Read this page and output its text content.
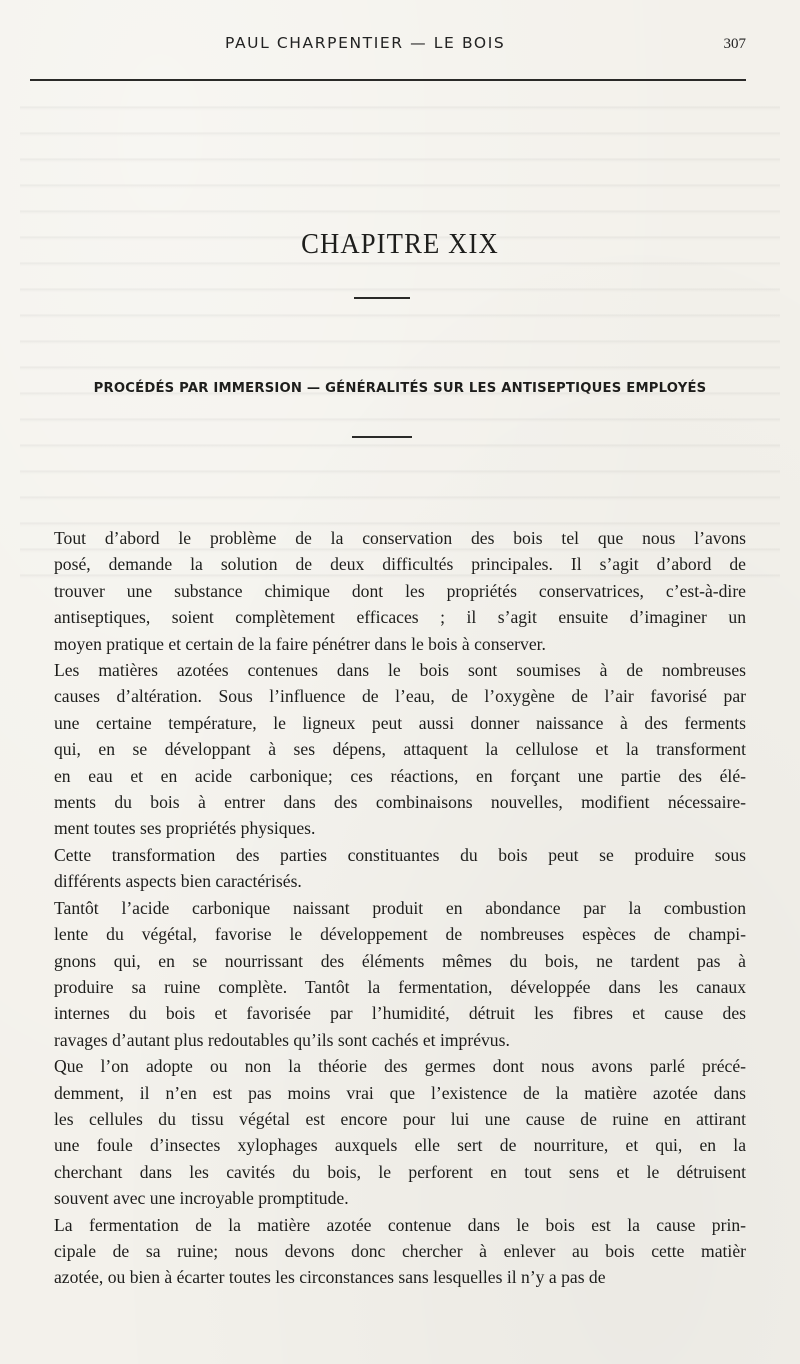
PAUL CHARPENTIER — LE BOIS	307
CHAPITRE XIX
PROCÉDÉS PAR IMMERSION — GÉNÉRALITÉS SUR LES ANTISEPTIQUES EMPLOYÉS
Tout d’abord le problème de la conservation des bois tel que nous l’avons
posé, demande la solution de deux difficultés principales. Il s’agit d’abord de
trouver une substance chimique dont les propriétés conservatrices, c’est-à-dire
antiseptiques, soient complètement efficaces ; il s’agit ensuite d’imaginer un
moyen pratique et certain de la faire pénétrer dans le bois à conserver.
Les matières azotées contenues dans le bois sont soumises à de nombreuses
causes d’altération. Sous l’influence de l’eau, de l’oxygène de l’air favorisé par
une certaine température, le ligneux peut aussi donner naissance à des ferments
qui, en se développant à ses dépens, attaquent la cellulose et la transforment
en eau et en acide carbonique; ces réactions, en forçant une partie des élé-
ments du bois à entrer dans des combinaisons nouvelles, modifient nécessaire-
ment toutes ses propriétés physiques.
Cette transformation des parties constituantes du bois peut se produire sous
différents aspects bien caractérisés.
Tantôt l’acide carbonique naissant produit en abondance par la combustion
lente du végétal, favorise le développement de nombreuses espèces de champi-
gnons qui, en se nourrissant des éléments mêmes du bois, ne tardent pas à
produire sa ruine complète. Tantôt la fermentation, développée dans les canaux
internes du bois et favorisée par l’humidité, détruit les fibres et cause des
ravages d’autant plus redoutables qu’ils sont cachés et imprévus.
Que l’on adopte ou non la théorie des germes dont nous avons parlé précé-
demment, il n’en est pas moins vrai que l’existence de la matière azotée dans
les cellules du tissu végétal est encore pour lui une cause de ruine en attirant
une foule d’insectes xylophages auxquels elle sert de nourriture, et qui, en la
cherchant dans les cavités du bois, le perforent en tout sens et le détruisent
souvent avec une incroyable promptitude.
La fermentation de la matière azotée contenue dans le bois est la cause prin-
cipale de sa ruine; nous devons donc chercher à enlever au bois cette matièr
azotée, ou bien à écarter toutes les circonstances sans lesquelles il n’y a pas de
